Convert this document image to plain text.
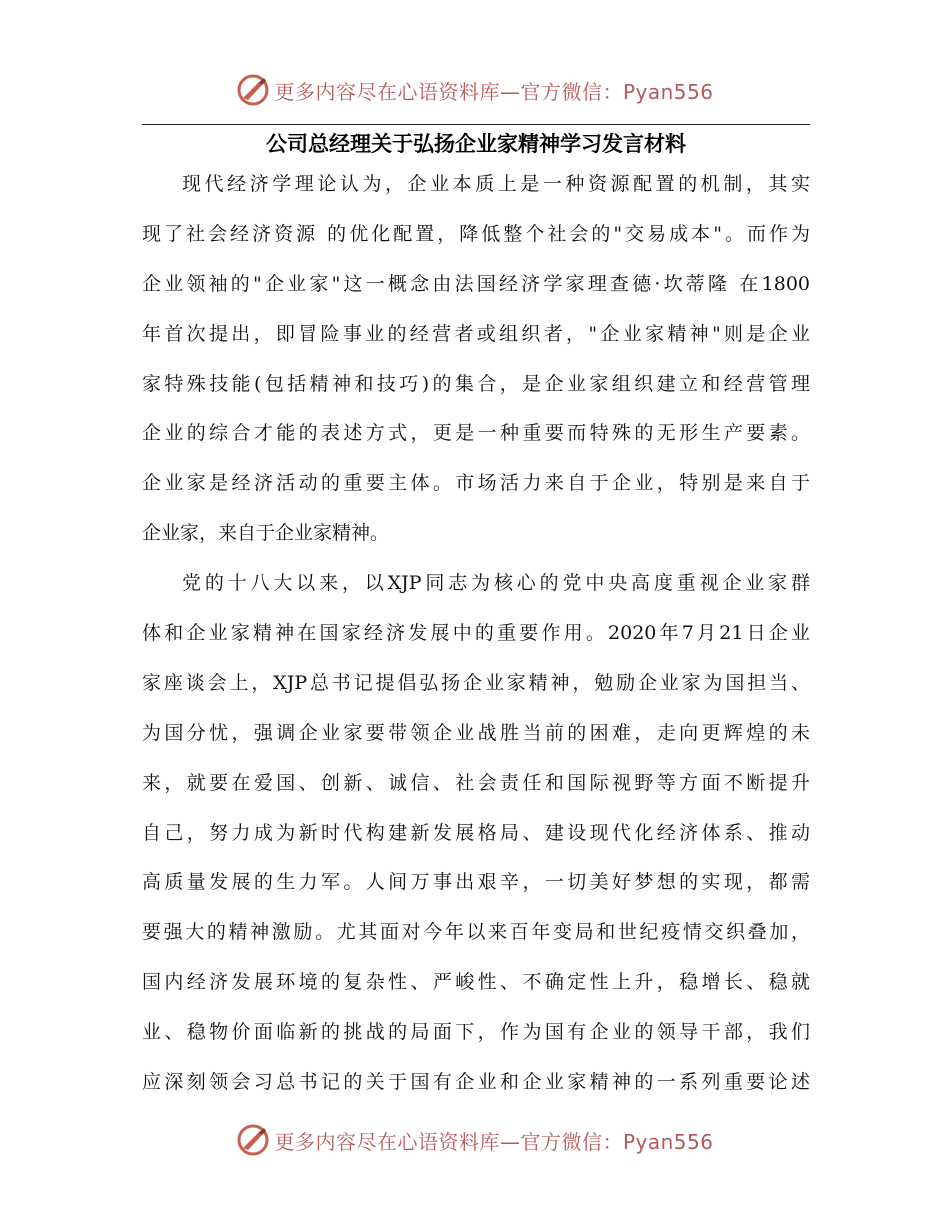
更多内容尽在心语资料库—官方微信：Pyan556
公司总经理关于弘扬企业家精神学习发言材料
现代经济学理论认为，企业本质上是一种资源配置的机制，其实
现了社会经济资源 的优化配置，降低整个社会的"交易成本"。而作为
企业领袖的"企业家"这一概念由法国经济学家理查德·坎蒂隆 在1800
年首次提出，即冒险事业的经营者或组织者，"企业家精神"则是企业
家特殊技能(包括精神和技巧)的集合，是企业家组织建立和经营管理
企业的综合才能的表述方式，更是一种重要而特殊的无形生产要素。
企业家是经济活动的重要主体。市场活力来自于企业，特别是来自于
企业家，来自于企业家精神。
党的十八大以来，以XJP同志为核心的党中央高度重视企业家群
体和企业家精神在国家经济发展中的重要作用。2020年7月21日企业
家座谈会上，XJP总书记提倡弘扬企业家精神，勉励企业家为国担当、
为国分忧，强调企业家要带领企业战胜当前的困难，走向更辉煌的未
来，就要在爱国、创新、诚信、社会责任和国际视野等方面不断提升
自己，努力成为新时代构建新发展格局、建设现代化经济体系、推动
高质量发展的生力军。人间万事出艰辛，一切美好梦想的实现，都需
要强大的精神激励。尤其面对今年以来百年变局和世纪疫情交织叠加，
国内经济发展环境的复杂性、严峻性、不确定性上升，稳增长、稳就
业、稳物价面临新的挑战的局面下，作为国有企业的领导干部，我们
应深刻领会习总书记的关于国有企业和企业家精神的一系列重要论述
更多内容尽在心语资料库—官方微信：Pyan556
